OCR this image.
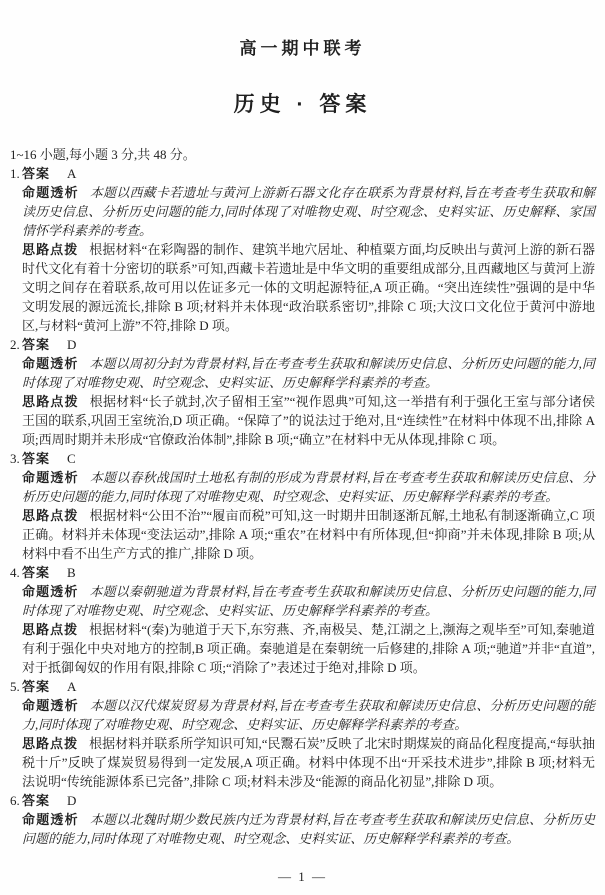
高一期中联考
历史 · 答案
1~16 小题,每小题 3 分,共 48 分。
1. 答案 A

命题透析 本题以西藏卡若遗址与黄河上游新石器文化存在联系为背景材料,旨在考查考生获取和解读历史信息、分析历史问题的能力,同时体现了对唯物史观、时空观念、史料实证、历史解释、家国情怀学科素养的考查。

思路点拨 根据材料“在彩陶器的制作、建筑半地穴居址、种植粟方面,均反映出与黄河上游的新石器时代文化有着十分密切的联系”可知,西藏卡若遗址是中华文明的重要组成部分,且西藏地区与黄河上游文明之间存在着联系,故可用以佐证多元一体的文明起源特征,A 项正确。“突出连续性”强调的是中华文明发展的源远流长,排除 B 项;材料并未体现“政治联系密切”,排除 C 项;大汶口文化位于黄河中游地区,与材料“黄河上游”不符,排除 D 项。

2. 答案 D

命题透析 本题以周初分封为背景材料,旨在考查考生获取和解读历史信息、分析历史问题的能力,同时体现了对唯物史观、时空观念、史料实证、历史解释学科素养的考查。

思路点拨 根据材料“长子就封,次子留相王室”“视作恩典”可知,这一举措有利于强化王室与部分诸侯王国的联系,巩固王室统治,D 项正确。“保障了”的说法过于绝对,且“连续性”在材料中体现不出,排除 A 项;西周时期并未形成“官僚政治体制”,排除 B 项;“确立”在材料中无从体现,排除 C 项。

3. 答案 C

命题透析 本题以春秋战国时土地私有制的形成为背景材料,旨在考查考生获取和解读历史信息、分析历史问题的能力,同时体现了对唯物史观、时空观念、史料实证、历史解释学科素养的考查。

思路点拨 根据材料“公田不治”“履亩而税”可知,这一时期井田制逐渐瓦解,土地私有制逐渐确立,C 项正确。材料并未体现“变法运动”,排除 A 项;“重农”在材料中有所体现,但“抑商”并未体现,排除 B 项;从材料中看不出生产方式的推广,排除 D 项。

4. 答案 B

命题透析 本题以秦朝驰道为背景材料,旨在考查考生获取和解读历史信息、分析历史问题的能力,同时体现了对唯物史观、时空观念、史料实证、历史解释学科素养的考查。

思路点拨 根据材料“(秦)为驰道于天下,东穷燕、齐,南极吴、楚,江湖之上,濒海之观毕至”可知,秦驰道有利于强化中央对地方的控制,B 项正确。秦驰道是在秦朝统一后修建的,排除 A 项;“驰道”并非“直道”,对于抵御匈奴的作用有限,排除 C 项;“消除了”表述过于绝对,排除 D 项。

5. 答案 A

命题透析 本题以汉代煤炭贸易为背景材料,旨在考查考生获取和解读历史信息、分析历史问题的能力,同时体现了对唯物史观、时空观念、史料实证、历史解释学科素养的考查。

思路点拨 根据材料并联系所学知识可知,“民鬻石炭”反映了北宋时期煤炭的商品化程度提高,“每驮抽税十斤”反映了煤炭贸易得到一定发展,A 项正确。材料中体现不出“开采技术进步”,排除 B 项;材料无法说明“传统能源体系已完备”,排除 C 项;材料未涉及“能源的商品化初显”,排除 D 项。

6. 答案 D

命题透析 本题以北魏时期少数民族内迁为背景材料,旨在考查考生获取和解读历史信息、分析历史问题的能力,同时体现了对唯物史观、时空观念、史料实证、历史解释学科素养的考查。

— 1 —
